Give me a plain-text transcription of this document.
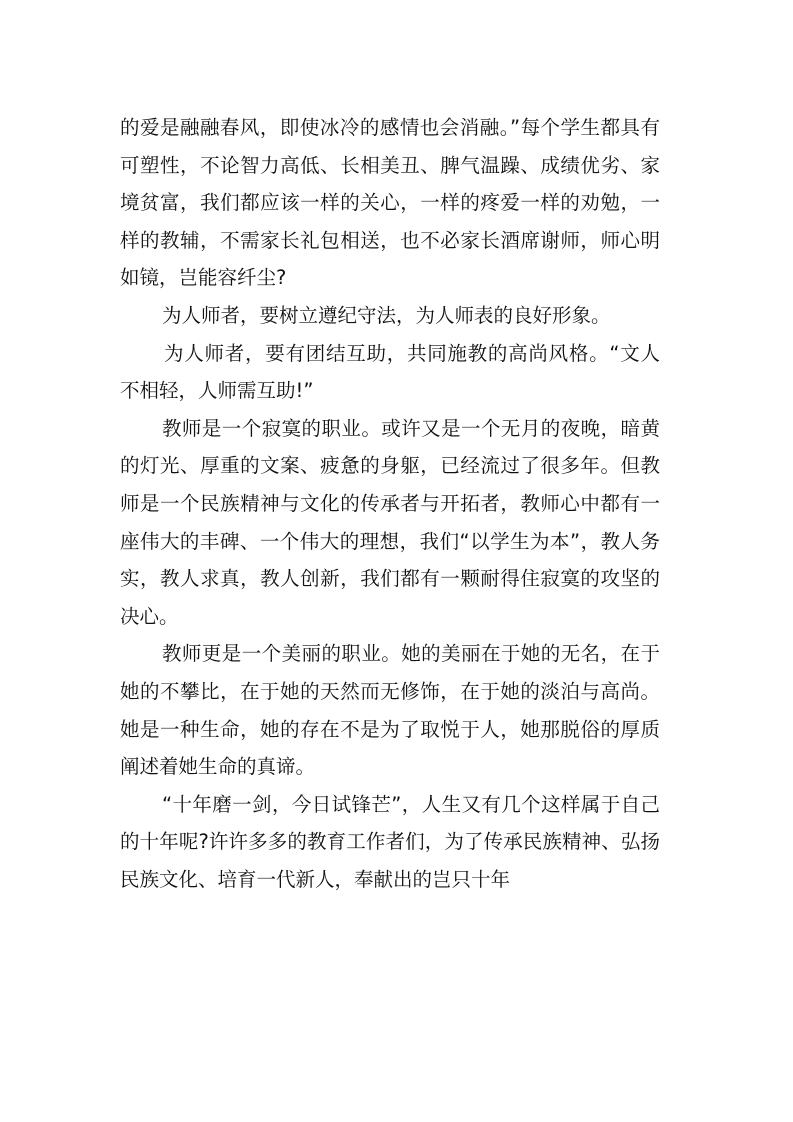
的爱是融融春风，即使冰冷的感情也会消融。”每个学生都具有可塑性，不论智力高低、长相美丑、脾气温躁、成绩优劣、家境贫富，我们都应该一样的关心，一样的疼爱一样的劝勉，一样的教辅，不需家长礼包相送，也不必家长酒席谢师，师心明如镜，岂能容纤尘?

为人师者，要树立遵纪守法，为人师表的良好形象。

为人师者，要有团结互助，共同施教的高尚风格。“文人不相轻，人师需互助!”

教师是一个寂寞的职业。或许又是一个无月的夜晚，暗黄的灯光、厚重的文案、疲惫的身躯，已经流过了很多年。但教师是一个民族精神与文化的传承者与开拓者，教师心中都有一座伟大的丰碑、一个伟大的理想，我们“以学生为本”，教人务实，教人求真，教人创新，我们都有一颗耐得住寂寞的攻坚的决心。

教师更是一个美丽的职业。她的美丽在于她的无名，在于她的不攀比，在于她的天然而无修饰，在于她的淡泊与高尚。她是一种生命，她的存在不是为了取悦于人，她那脱俗的厚质阐述着她生命的真谛。

“十年磨一剑，今日试锋芒”，人生又有几个这样属于自己的十年呢?许许多多的教育工作者们，为了传承民族精神、弘扬民族文化、培育一代新人，奉献出的岂只十年
